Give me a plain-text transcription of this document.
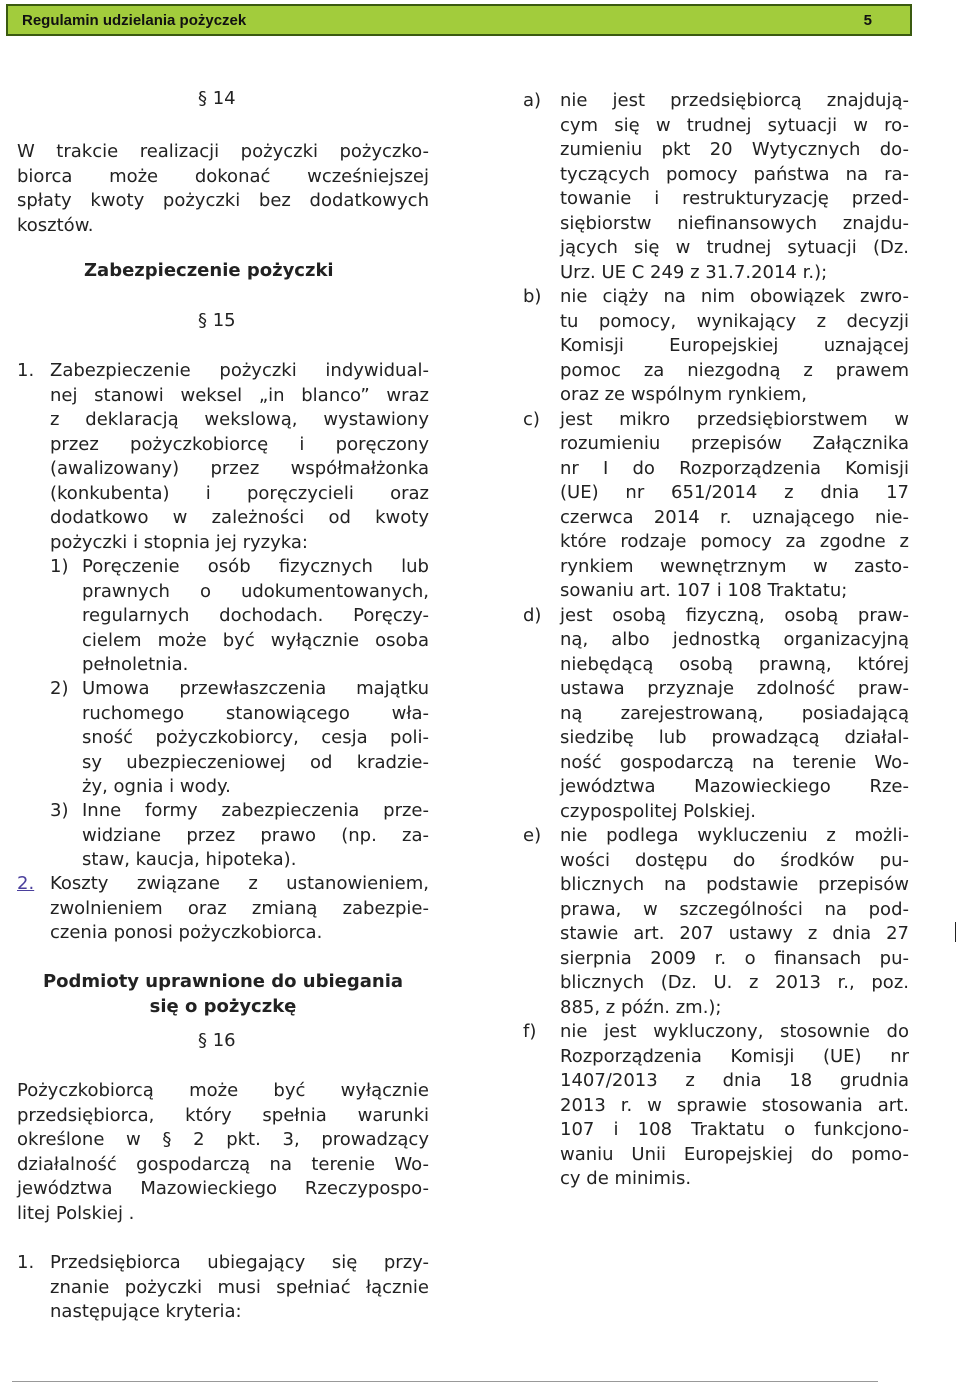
Regulamin udzielania pożyczek	5
§ 14
W trakcie realizacji pożyczki pożyczko-
biorca może dokonać wcześniejszej
spłaty kwoty pożyczki bez dodatkowych
kosztów.
Zabezpieczenie pożyczki
§ 15
1. Zabezpieczenie pożyczki indywidual-
nej stanowi weksel „in blanco” wraz
z deklaracją wekslową, wystawiony
przez pożyczkobiorcę i poręczony
(awalizowany) przez współmałżonka
(konkubenta) i poręczycieli oraz
dodatkowo w zależności od kwoty
pożyczki i stopnia jej ryzyka:
1) Poręczenie osób fizycznych lub
prawnych o udokumentowanych,
regularnych dochodach. Poręczy-
cielem może być wyłącznie osoba
pełnoletnia.
2) Umowa przewłaszczenia majątku
ruchomego stanowiącego wła-
sność pożyczkobiorcy, cesja poli-
sy ubezpieczeniowej od kradzie-
ży, ognia i wody.
3) Inne formy zabezpieczenia prze-
widziane przez prawo (np. za-
staw, kaucja, hipoteka).
2. Koszty związane z ustanowieniem,
zwolnieniem oraz zmianą zabezpie-
czenia ponosi pożyczkobiorca.
Podmioty uprawnione do ubiegania
się o pożyczkę
§ 16
Pożyczkobiorcą może być wyłącznie
przedsiębiorca, który spełnia warunki
określone w § 2 pkt. 3, prowadzący
działalność gospodarczą na terenie Wo-
jewództwa Mazowieckiego Rzeczypospo-
litej Polskiej .
1. Przedsiębiorca ubiegający się przy-
znanie pożyczki musi spełniać łącznie
następujące kryteria:
a)	nie jest przedsiębiorcą znajdują-
cym się w trudnej sytuacji w ro-
zumieniu pkt 20 Wytycznych do-
tyczących pomocy państwa na ra-
towanie i restrukturyzację przed-
siębiorstw niefinansowych znajdu-
jących się w trudnej sytuacji (Dz.
Urz. UE C 249 z 31.7.2014 r.);
b)	nie ciąży na nim obowiązek zwro-
tu pomocy, wynikający z decyzji
Komisji Europejskiej uznającej
pomoc za niezgodną z prawem
oraz ze wspólnym rynkiem,
c)	jest mikro przedsiębiorstwem w
rozumieniu przepisów Załącznika
nr I do Rozporządzenia Komisji
(UE) nr 651/2014 z dnia 17
czerwca 2014 r. uznającego nie-
które rodzaje pomocy za zgodne z
rynkiem wewnętrznym w zasto-
sowaniu art. 107 i 108 Traktatu;
d)	jest osobą fizyczną, osobą praw-
ną, albo jednostką organizacyjną
niebędącą osobą prawną, której
ustawa przyznaje zdolność praw-
ną zarejestrowaną, posiadającą
siedzibę lub prowadzącą działal-
ność gospodarczą na terenie Wo-
jewództwa Mazowieckiego Rze-
czypospolitej Polskiej.
e)	nie podlega wykluczeniu z możli-
wości dostępu do środków pu-
blicznych na podstawie przepisów
prawa, w szczególności na pod-
stawie art. 207 ustawy z dnia 27
sierpnia 2009 r. o finansach pu-
blicznych (Dz. U. z 2013 r., poz.
885, z późn. zm.);
f)	nie jest wykluczony, stosownie do
Rozporządzenia Komisji (UE) nr
1407/2013 z dnia 18 grudnia
2013 r. w sprawie stosowania art.
107 i 108 Traktatu o funkcjono-
waniu Unii Europejskiej do pomo-
cy de minimis.
